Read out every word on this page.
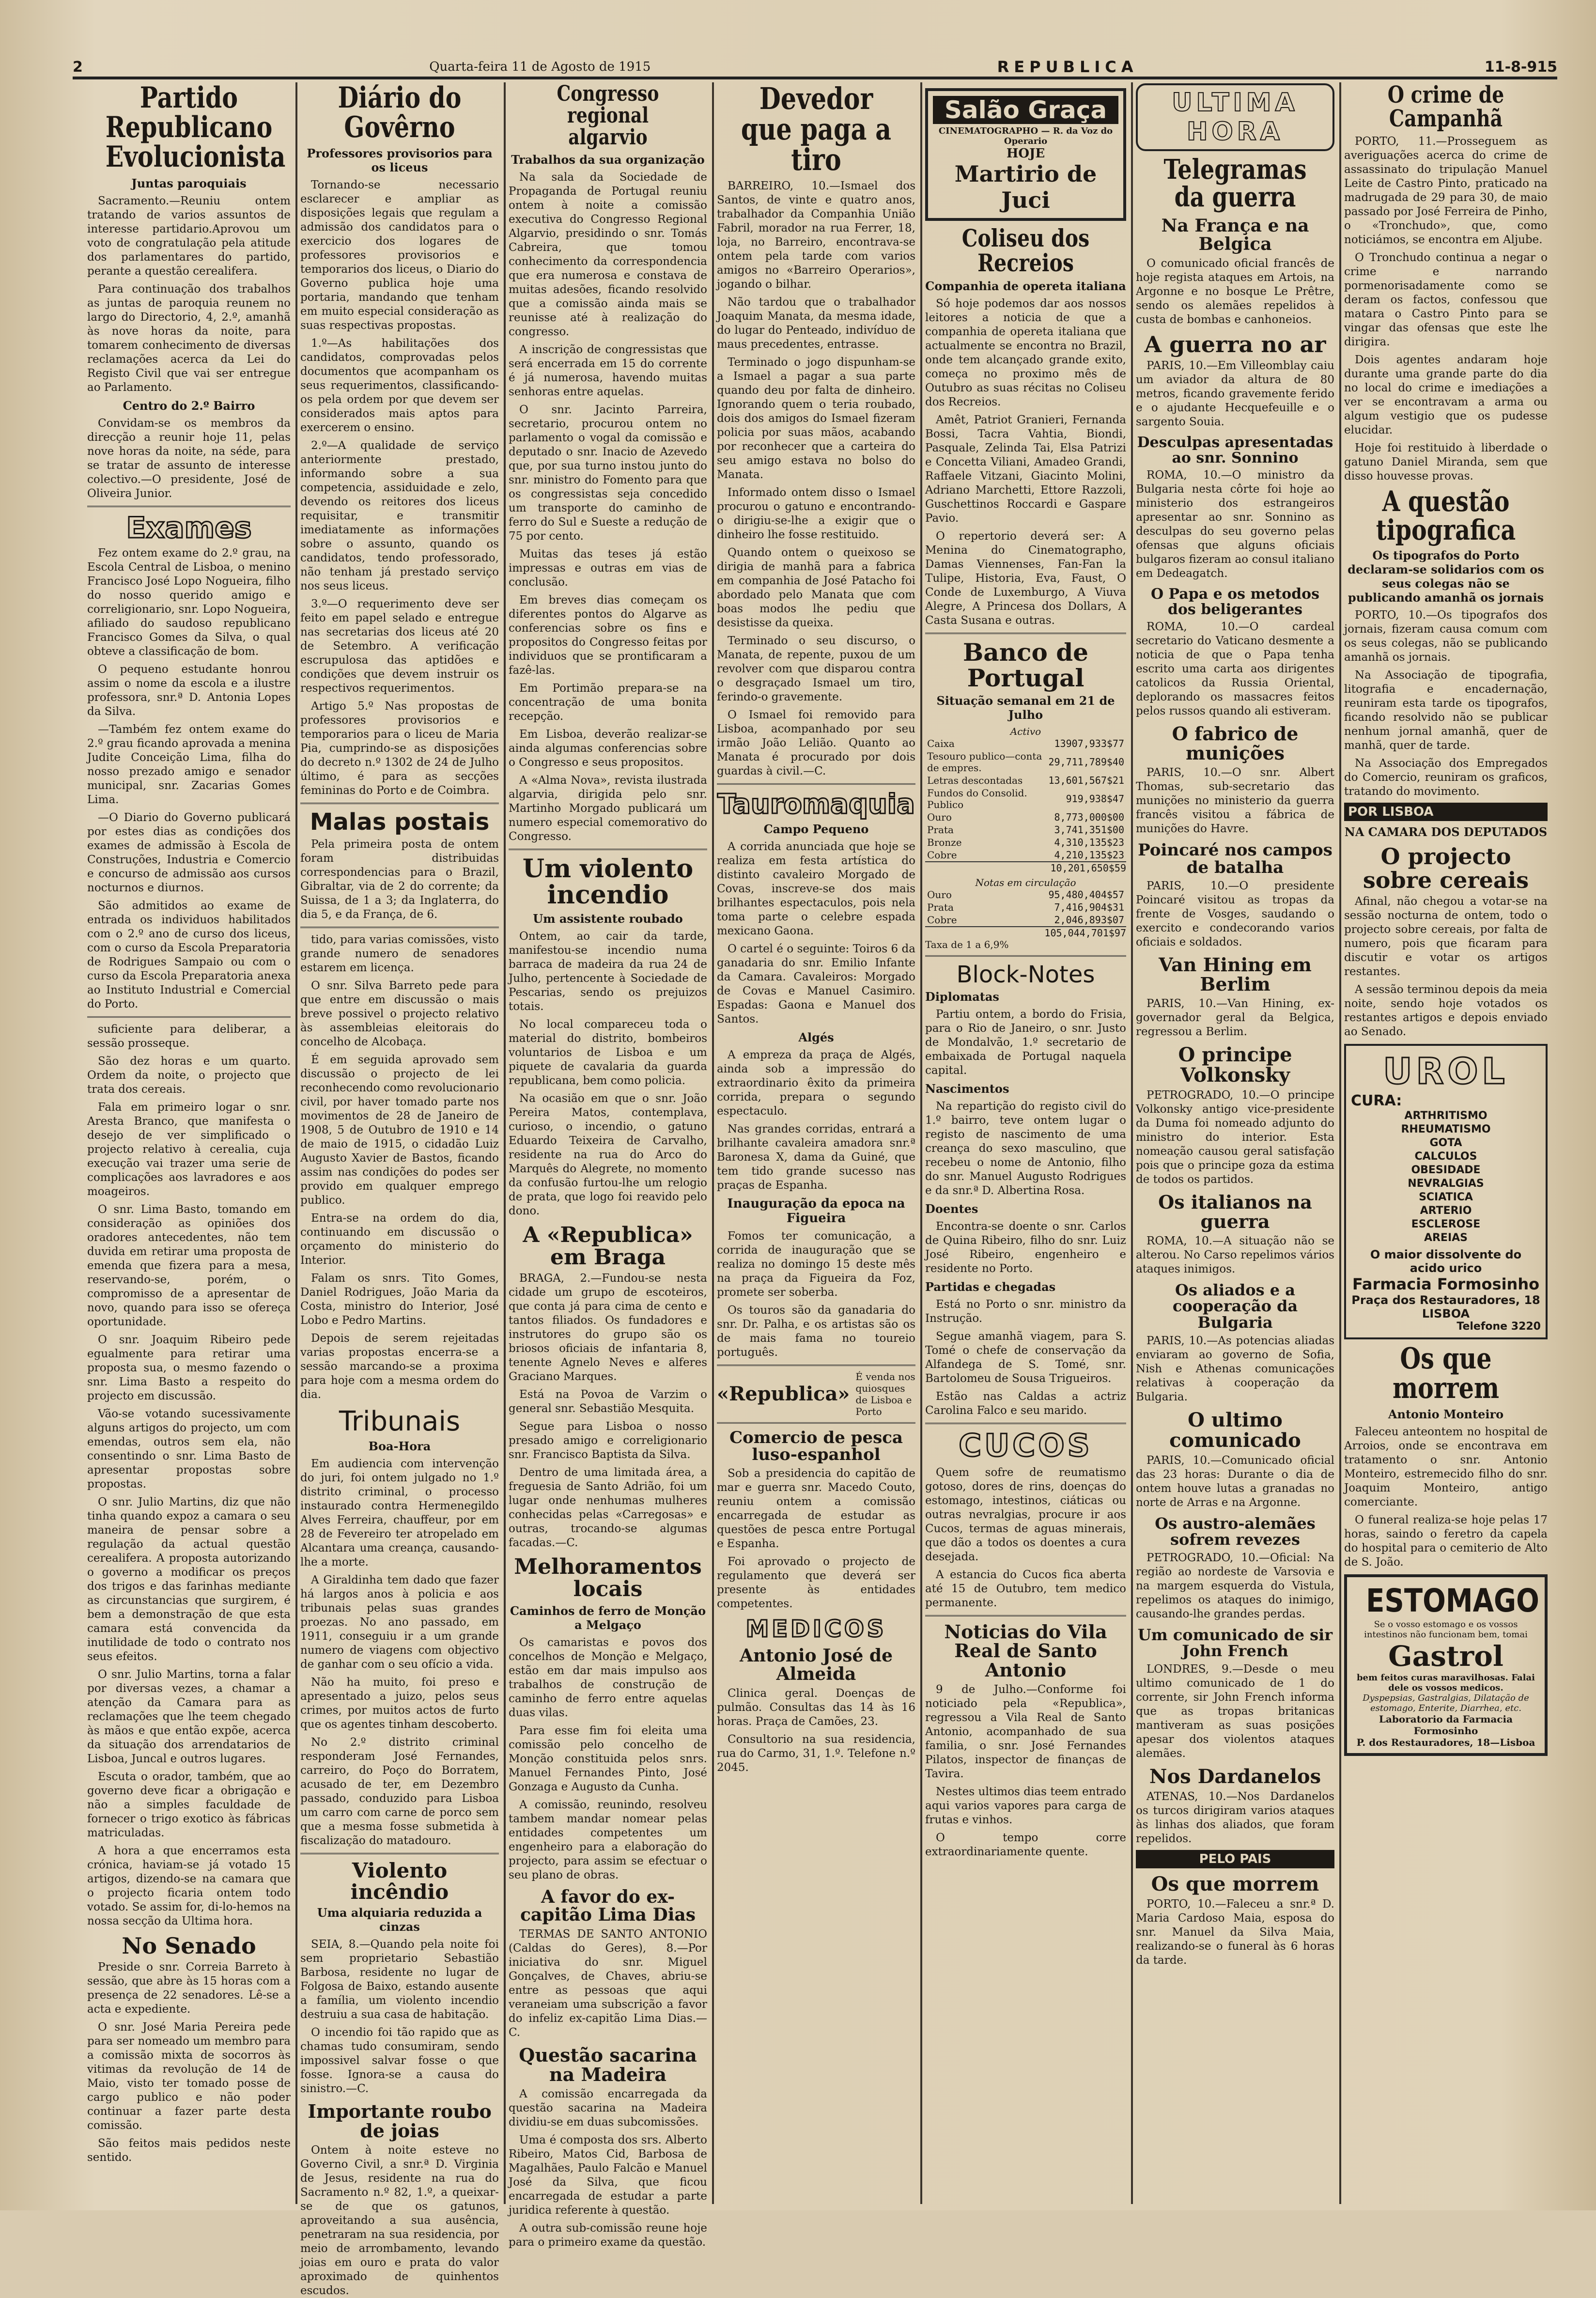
2	Quarta-feira 11 de Agosto de 1915	REPUBLICA	11-8-915
Partido Republicano Evolucionista
Juntas paroquiais

Sacramento.—Reuniu ontem tratando de varios assuntos de interesse partidario.Aprovou um voto de congratulação pela atitude dos parlamentares do partido, perante a questão cerealifera.

Para continuação dos trabalhos as juntas de paroquia reunem no largo do Directorio, 4, 2.º, amanhã às nove horas da noite, para tomarem conhecimento de diversas reclamações acerca da Lei do Registo Civil que vai ser entregue ao Parlamento.

Centro do 2.º Bairro

Convidam-se os membros da direcção a reunir hoje 11, pelas nove horas da noite, na séde, para se tratar de assunto de interesse colectivo.—O presidente, José de Oliveira Junior.

Exames

Fez ontem exame do 2.º grau, na Escola Central de Lisboa, o menino Francisco José Lopo Nogueira, filho do nosso querido amigo e correligionario, snr. Lopo Nogueira, afiliado do saudoso republicano Francisco Gomes da Silva, o qual obteve a classificação de bom.

O pequeno estudante honrou assim o nome da escola e a ilustre professora, snr.ª D. Antonia Lopes da Silva.

—Também fez ontem exame do 2.º grau ficando aprovada a menina Judite Conceição Lima, filha do nosso prezado amigo e senador municipal, snr. Zacarias Gomes Lima.

—O Diario do Governo publicará por estes dias as condições dos exames de admissão à Escola de Construções, Industria e Comercio e concurso de admissão aos cursos nocturnos e diurnos.

São admitidos ao exame de entrada os individuos habilitados com o 2.º ano de curso dos liceus, com o curso da Escola Preparatoria de Rodrigues Sampaio ou com o curso da Escola Preparatoria anexa ao Instituto Industrial e Comercial do Porto.

suficiente para deliberar, a sessão prosseque.

São dez horas e um quarto. Ordem da noite, o projecto que trata dos cereais.

Fala em primeiro logar o snr. Aresta Branco, que manifesta o desejo de ver simplificado o projecto relativo à cerealia, cuja execução vai trazer uma serie de complicações aos lavradores e aos moageiros.

O snr. Lima Basto, tomando em consideração as opiniões dos oradores antecedentes, não tem duvida em retirar uma proposta de emenda que fizera para a mesa, reservando-se, porém, o compromisso de a apresentar de novo, quando para isso se ofereça oportunidade.

O snr. Joaquim Ribeiro pede egualmente para retirar uma proposta sua, o mesmo fazendo o snr. Lima Basto a respeito do projecto em discussão.

Vão-se votando sucessivamente alguns artigos do projecto, um com emendas, outros sem ela, não consentindo o snr. Lima Basto de apresentar propostas sobre propostas.

O snr. Julio Martins, diz que não tinha quando expoz a camara o seu maneira de pensar sobre a regulação da actual questão cerealifera. A proposta autorizando o governo a modificar os preços dos trigos e das farinhas mediante as circunstancias que surgirem, é bem a demonstração de que esta camara está convencida da inutilidade de todo o contrato nos seus efeitos.

O snr. Julio Martins, torna a falar por diversas vezes, a chamar a atenção da Camara para as reclamações que lhe teem chegado às mãos e que então expõe, acerca da situação dos arrendatarios de Lisboa, Juncal e outros lugares.

Escuta o orador, também, que ao governo deve ficar a obrigação e não a simples faculdade de fornecer o trigo exotico às fábricas matriculadas.

A hora a que encerramos esta crónica, haviam-se já votado 15 artigos, dizendo-se na camara que o projecto ficaria ontem todo votado. Se assim for, di-lo-hemos na nossa secção da Ultima hora.

No Senado

Preside o snr. Correia Barreto à sessão, que abre às 15 horas com a presença de 22 senadores. Lê-se a acta e expediente.

O snr. José Maria Pereira pede para ser nomeado um membro para a comissão mixta de socorros às vitimas da revolução de 14 de Maio, visto ter tomado posse de cargo publico e não poder continuar a fazer parte desta comissão.

São feitos mais pedidos neste sentido.

Diário do Govêrno
Professores provisorios para os liceus

Tornando-se necessario esclarecer e ampliar as disposições legais que regulam a admissão dos candidatos para o exercicio dos logares de professores provisorios e temporarios dos liceus, o Diario do Governo publica hoje uma portaria, mandando que tenham em muito especial consideração as suas respectivas propostas.

1.º—As habilitações dos candidatos, comprovadas pelos documentos que acompanham os seus requerimentos, classificando-os pela ordem por que devem ser considerados mais aptos para exercerem o ensino.

2.º—A qualidade de serviço anteriormente prestado, informando sobre a sua competencia, assiduidade e zelo, devendo os reitores dos liceus requisitar, e transmitir imediatamente as informações sobre o assunto, quando os candidatos, tendo professorado, não tenham já prestado serviço nos seus liceus.

3.º—O requerimento deve ser feito em papel selado e entregue nas secretarias dos liceus até 20 de Setembro. A verificação escrupulosa das aptidões e condições que devem instruir os respectivos requerimentos.

Artigo 5.º Nas propostas de professores provisorios e temporarios para o liceu de Maria Pia, cumprindo-se as disposições do decreto n.º 1302 de 24 de Julho último, é para as secções femininas do Porto e de Coimbra.

Malas postais

Pela primeira posta de ontem foram distribuidas correspondencias para o Brazil, Gibraltar, via de 2 do corrente; da Suissa, de 1 a 3; da Inglaterra, do dia 5, e da França, de 6.

tido, para varias comissões, visto grande numero de senadores estarem em licença.

O snr. Silva Barreto pede para que entre em discussão o mais breve possivel o projecto relativo às assembleias eleitorais do concelho de Alcobaça.

É em seguida aprovado sem discussão o projecto de lei reconhecendo como revolucionario civil, por haver tomado parte nos movimentos de 28 de Janeiro de 1908, 5 de Outubro de 1910 e 14 de maio de 1915, o cidadão Luiz Augusto Xavier de Bastos, ficando assim nas condições do podes ser provido em qualquer emprego publico.

Entra-se na ordem do dia, continuando em discussão o orçamento do ministerio do Interior.

Falam os snrs. Tito Gomes, Daniel Rodrigues, João Maria da Costa, ministro do Interior, José Lobo e Pedro Martins.

Depois de serem rejeitadas varias propostas encerra-se a sessão marcando-se a proxima para hoje com a mesma ordem do dia.

Tribunais
Boa-Hora

Em audiencia com intervenção do juri, foi ontem julgado no 1.º distrito criminal, o processo instaurado contra Hermenegildo Alves Ferreira, chauffeur, por em 28 de Fevereiro ter atropelado em Alcantara uma creança, causando-lhe a morte.

A Giraldinha tem dado que fazer há largos anos à policia e aos tribunais pelas suas grandes proezas. No ano passado, em 1911, conseguiu ir a um grande numero de viagens com objectivo de ganhar com o seu ofício a vida.

Não ha muito, foi preso e apresentado a juizo, pelos seus crimes, por muitos actos de furto que os agentes tinham descoberto.

No 2.º distrito criminal responderam José Fernandes, carreiro, do Poço do Borratem, acusado de ter, em Dezembro passado, conduzido para Lisboa um carro com carne de porco sem que a mesma fosse submetida à fiscalização do matadouro.

Violento incêndio
Uma alquiaria reduzida a cinzas

SEIA, 8.—Quando pela noite foi sem proprietario Sebastião Barbosa, residente no lugar de Folgosa de Baixo, estando ausente a família, um violento incendio destruiu a sua casa de habitação.

O incendio foi tão rapido que as chamas tudo consumiram, sendo impossivel salvar fosse o que fosse. Ignora-se a causa do sinistro.—C.

Importante roubo de joias

Ontem à noite esteve no Governo Civil, a snr.ª D. Virginia de Jesus, residente na rua do Sacramento n.º 82, 1.º, a queixar-se de que os gatunos, aproveitando a sua ausência, penetraram na sua residencia, por meio de arrombamento, levando joias em ouro e prata do valor aproximado de quinhentos escudos.

Congresso regional algarvio
Trabalhos da sua organização

Na sala da Sociedade de Propaganda de Portugal reuniu ontem à noite a comissão executiva do Congresso Regional Algarvio, presidindo o snr. Tomás Cabreira, que tomou conhecimento da correspondencia que era numerosa e constava de muitas adesões, ficando resolvido que a comissão ainda mais se reunisse até à realização do congresso.

A inscrição de congressistas que será encerrada em 15 do corrente é já numerosa, havendo muitas senhoras entre aquelas.

O snr. Jacinto Parreira, secretario, procurou ontem no parlamento o vogal da comissão e deputado o snr. Inacio de Azevedo que, por sua turno instou junto do snr. ministro do Fomento para que os congressistas seja concedido um transporte do caminho de ferro do Sul e Sueste a redução de 75 por cento.

Muitas das teses já estão impressas e outras em vias de conclusão.

Em breves dias começam os diferentes pontos do Algarve as conferencias sobre os fins e propositos do Congresso feitas por individuos que se prontificaram a fazê-las.

Em Portimão prepara-se na concentração de uma bonita recepção.

Em Lisboa, deverão realizar-se ainda algumas conferencias sobre o Congresso e seus propositos.

A «Alma Nova», revista ilustrada algarvia, dirigida pelo snr. Martinho Morgado publicará um numero especial comemorativo do Congresso.

Um violento incendio
Um assistente roubado

Ontem, ao cair da tarde, manifestou-se incendio numa barraca de madeira da rua 24 de Julho, pertencente à Sociedade de Pescarias, sendo os prejuizos totais.

No local compareceu toda o material do distrito, bombeiros voluntarios de Lisboa e um piquete de cavalaria da guarda republicana, bem como policia.

Na ocasião em que o snr. João Pereira Matos, contemplava, curioso, o incendio, o gatuno Eduardo Teixeira de Carvalho, residente na rua do Arco do Marquês do Alegrete, no momento da confusão furtou-lhe um relogio de prata, que logo foi reavido pelo dono.

A «Republica» em Braga

BRAGA, 2.—Fundou-se nesta cidade um grupo de escoteiros, que conta já para cima de cento e tantos filiados. Os fundadores e instrutores do grupo são os briosos oficiais de infantaria 8, tenente Agnelo Neves e alferes Graciano Marques.

Está na Povoa de Varzim o general snr. Sebastião Mesquita.

Segue para Lisboa o nosso presado amigo e correligionario snr. Francisco Baptista da Silva.

Dentro de uma limitada área, a freguesia de Santo Adrião, foi um lugar onde nenhumas mulheres conhecidas pelas «Carregosas» e outras, trocando-se algumas facadas.—C.

Melhoramentos locais
Caminhos de ferro de Monção a Melgaço

Os camaristas e povos dos concelhos de Monção e Melgaço, estão em dar mais impulso aos trabalhos de construção de caminho de ferro entre aquelas duas vilas.

Para esse fim foi eleita uma comissão pelo concelho de Monção constituida pelos snrs. Manuel Fernandes Pinto, José Gonzaga e Augusto da Cunha.

A comissão, reunindo, resolveu tambem mandar nomear pelas entidades competentes um engenheiro para a elaboração do projecto, para assim se efectuar o seu plano de obras.

A favor do ex-capitão Lima Dias

TERMAS DE SANTO ANTONIO (Caldas do Geres), 8.—Por iniciativa do snr. Miguel Gonçalves, de Chaves, abriu-se entre as pessoas que aqui veraneiam uma subscrição a favor do infeliz ex-capitão Lima Dias.—C.

Questão sacarina na Madeira

A comissão encarregada da questão sacarina na Madeira dividiu-se em duas subcomissões.

Uma é composta dos srs. Alberto Ribeiro, Matos Cid, Barbosa de Magalhães, Paulo Falcão e Manuel José da Silva, que ficou encarregada de estudar a parte juridica referente à questão.

A outra sub-comissão reune hoje para o primeiro exame da questão.

Devedor que paga a tiro

BARREIRO, 10.—Ismael dos Santos, de vinte e quatro anos, trabalhador da Companhia União Fabril, morador na rua Ferrer, 18, loja, no Barreiro, encontrava-se ontem pela tarde com varios amigos no «Barreiro Operarios», jogando o bilhar.

Não tardou que o trabalhador Joaquim Manata, da mesma idade, do lugar do Penteado, indivíduo de maus precedentes, entrasse.

Terminado o jogo dispunham-se a Ismael a pagar a sua parte quando deu por falta de dinheiro. Ignorando quem o teria roubado, dois dos amigos do Ismael fizeram policia por suas mãos, acabando por reconhecer que a carteira do seu amigo estava no bolso do Manata.

Informado ontem disso o Ismael procurou o gatuno e encontrando-o dirigiu-se-lhe a exigir que o dinheiro lhe fosse restituido.

Quando ontem o queixoso se dirigia de manhã para a fabrica em companhia de José Patacho foi abordado pelo Manata que com boas modos lhe pediu que desistisse da queixa.

Terminado o seu discurso, o Manata, de repente, puxou de um revolver com que disparou contra o desgraçado Ismael um tiro, ferindo-o gravemente.

O Ismael foi removido para Lisboa, acompanhado por seu irmão João Lelião. Quanto ao Manata é procurado por dois guardas à civil.—C.

Tauromaquia
Campo Pequeno

A corrida anunciada que hoje se realiza em festa artística do distinto cavaleiro Morgado de Covas, inscreve-se dos mais brilhantes espectaculos, pois nela toma parte o celebre espada mexicano Gaona.

O cartel é o seguinte: Toiros 6 da ganadaria do snr. Emilio Infante da Camara. Cavaleiros: Morgado de Covas e Manuel Casimiro. Espadas: Gaona e Manuel dos Santos.

Algés

A empreza da praça de Algés, ainda sob a impressão do extraordinario êxito da primeira corrida, prepara o segundo espectaculo.

Nas grandes corridas, entrará a brilhante cavaleira amadora snr.ª Baronesa X, dama da Guiné, que tem tido grande sucesso nas praças de Espanha.

Inauguração da epoca na Figueira

Fomos ter comunicação, a corrida de inauguração que se realiza no domingo 15 deste mês na praça da Figueira da Foz, promete ser soberba.

Os touros são da ganadaria do snr. Dr. Palha, e os artistas são os de mais fama no toureio português.

«Republica»
É venda nos quiosques de Lisboa e Porto
Comercio de pesca luso-espanhol

Sob a presidencia do capitão de mar e guerra snr. Macedo Couto, reuniu ontem a comissão encarregada de estudar as questões de pesca entre Portugal e Espanha.

Foi aprovado o projecto de regulamento que deverá ser presente às entidades competentes.

MEDICOS
Antonio José de Almeida

Clinica geral. Doenças de pulmão. Consultas das 14 às 16 horas. Praça de Camões, 23.

Consultorio na sua residencia, rua do Carmo, 31, 1.º. Telefone n.º 2045.

Salão Graça
CINEMATOGRAPHO — R. da Voz do Operario
HOJE
Martirio de Juci
Coliseu dos Recreios
Companhia de opereta italiana

Só hoje podemos dar aos nossos leitores a noticia de que a companhia de opereta italiana que actualmente se encontra no Brazil, onde tem alcançado grande exito, começa no proximo mês de Outubro as suas récitas no Coliseu dos Recreios.

Amêt, Patriot Granieri, Fernanda Bossi, Tacra Vahtia, Biondi, Pasquale, Zelinda Tai, Elsa Patrizi e Concetta Viliani, Amadeo Grandi, Raffaele Vitzani, Giacinto Molini, Adriano Marchetti, Ettore Razzoli, Guschettinos Roccardi e Gaspare Pavio.

O repertorio deverá ser: A Menina do Cinematographo, Damas Viennenses, Fan-Fan la Tulipe, Historia, Eva, Faust, O Conde de Luxemburgo, A Viuva Alegre, A Princesa dos Dollars, A Casta Susana e outras.

Banco de Portugal
Situação semanal em 21 de Julho
Activo
Caixa	13907,933$77
Tesouro publico—conta de empres.	29,711,789$40
Letras descontadas	13,601,567$21
Fundos do Consolid. Publico	919,938$47
Ouro	8,773,000$00
Prata	3,741,351$00
Bronze	4,310,135$23
Cobre	4,210,135$23
10,201,650$59
Notas em circulação
Ouro	95,480,404$57
Prata	7,416,904$31
Cobre	2,046,893$07
105,044,701$97
Taxa de 1 a 6,9%
Block-Notes
Diplomatas

Partiu ontem, a bordo do Frisia, para o Rio de Janeiro, o snr. Justo de Mondalvão, 1.º secretario de embaixada de Portugal naquela capital.

Nascimentos

Na repartição do registo civil do 1.º bairro, teve ontem lugar o registo de nascimento de uma creança do sexo masculino, que recebeu o nome de Antonio, filho do snr. Manuel Augusto Rodrigues e da snr.ª D. Albertina Rosa.

Doentes

Encontra-se doente o snr. Carlos de Quina Ribeiro, filho do snr. Luiz José Ribeiro, engenheiro e residente no Porto.

Partidas e chegadas

Está no Porto o snr. ministro da Instrução.

Segue amanhã viagem, para S. Tomé o chefe de conservação da Alfandega de S. Tomé, snr. Bartolomeu de Sousa Trigueiros.

Estão nas Caldas a actriz Carolina Falco e seu marido.

CUCOS

Quem sofre de reumatismo gotoso, dores de rins, doenças do estomago, intestinos, ciáticas ou outras nevralgias, procure ir aos Cucos, termas de aguas minerais, que dão a todos os doentes a cura desejada.

A estancia do Cucos fica aberta até 15 de Outubro, tem medico permanente.

Noticias do Vila Real de Santo Antonio

9 de Julho.—Conforme foi noticiado pela «Republica», regressou a Vila Real de Santo Antonio, acompanhado de sua familia, o snr. José Fernandes Pilatos, inspector de finanças de Tavira.

Nestes ultimos dias teem entrado aqui varios vapores para carga de frutas e vinhos.

O tempo corre extraordinariamente quente.

ULTIMA HORA
Telegramas da guerra
Na França e na Belgica

O comunicado oficial francês de hoje regista ataques em Artois, na Argonne e no bosque Le Prêtre, sendo os alemães repelidos à custa de bombas e canhoneios.

A guerra no ar

PARIS, 10.—Em Villeomblay caiu um aviador da altura de 80 metros, ficando gravemente ferido e o ajudante Hecquefeuille e o sargento Souia.

Desculpas apresentadas ao snr. Sonnino

ROMA, 10.—O ministro da Bulgaria nesta côrte foi hoje ao ministerio dos estrangeiros apresentar ao snr. Sonnino as desculpas do seu governo pelas ofensas que alguns oficiais bulgaros fizeram ao consul italiano em Dedeagatch.

O Papa e os metodos dos beligerantes

ROMA, 10.—O cardeal secretario do Vaticano desmente a noticia de que o Papa tenha escrito uma carta aos dirigentes catolicos da Russia Oriental, deplorando os massacres feitos pelos russos quando ali estiveram.

O fabrico de munições

PARIS, 10.—O snr. Albert Thomas, sub-secretario das munições no ministerio da guerra francês visitou a fábrica de munições do Havre.

Poincaré nos campos de batalha

PARIS, 10.—O presidente Poincaré visitou as tropas da frente de Vosges, saudando o exercito e condecorando varios oficiais e soldados.

Van Hining em Berlim

PARIS, 10.—Van Hining, ex-governador geral da Belgica, regressou a Berlim.

O principe Volkonsky

PETROGRADO, 10.—O principe Volkonsky antigo vice-presidente da Duma foi nomeado adjunto do ministro do interior. Esta nomeação causou geral satisfação pois que o principe goza da estima de todos os partidos.

Os italianos na guerra

ROMA, 10.—A situação não se alterou. No Carso repelimos vários ataques inimigos.

Os aliados e a cooperação da Bulgaria

PARIS, 10.—As potencias aliadas enviaram ao governo de Sofia, Nish e Athenas comunicações relativas à cooperação da Bulgaria.

O ultimo comunicado

PARIS, 10.—Comunicado oficial das 23 horas: Durante o dia de ontem houve lutas a granadas no norte de Arras e na Argonne.

Os austro-alemães sofrem revezes

PETROGRADO, 10.—Oficial: Na região ao nordeste de Varsovia e na margem esquerda do Vistula, repelimos os ataques do inimigo, causando-lhe grandes perdas.

Um comunicado de sir John French

LONDRES, 9.—Desde o meu ultimo comunicado de 1 do corrente, sir John French informa que as tropas britanicas mantiveram as suas posições apesar dos violentos ataques alemães.

Nos Dardanelos

ATENAS, 10.—Nos Dardanelos os turcos dirigiram varios ataques às linhas dos aliados, que foram repelidos.

PELO PAIS
Os que morrem

PORTO, 10.—Faleceu a snr.ª D. Maria Cardoso Maia, esposa do snr. Manuel da Silva Maia, realizando-se o funeral às 6 horas da tarde.

O crime de Campanhã

PORTO, 11.—Prosseguem as averiguações acerca do crime de assassinato do tripulação Manuel Leite de Castro Pinto, praticado na madrugada de 29 para 30, de maio passado por José Ferreira de Pinho, o «Tronchudo», que, como noticiámos, se encontra em Aljube.

O Tronchudo continua a negar o crime e narrando pormenorisadamente como se deram os factos, confessou que matara o Castro Pinto para se vingar das ofensas que este lhe dirigira.

Dois agentes andaram hoje durante uma grande parte do dia no local do crime e imediações a ver se encontravam a arma ou algum vestigio que os pudesse elucidar.

Hoje foi restituido à liberdade o gatuno Daniel Miranda, sem que disso houvesse provas.

A questão tipografica
Os tipografos do Porto declaram-se solidarios com os seus colegas não se publicando amanhã os jornais

PORTO, 10.—Os tipografos dos jornais, fizeram causa comum com os seus colegas, não se publicando amanhã os jornais.

Na Associação de tipografia, litografia e encadernação, reuniram esta tarde os tipografos, ficando resolvido não se publicar nenhum jornal amanhã, quer de manhã, quer de tarde.

Na Associação dos Empregados do Comercio, reuniram os graficos, tratando do movimento.

POR LISBOA
NA CAMARA DOS DEPUTADOS
O projecto sobre cereais

Afinal, não chegou a votar-se na sessão nocturna de ontem, todo o projecto sobre cereais, por falta de numero, pois que ficaram para discutir e votar os artigos restantes.

A sessão terminou depois da meia noite, sendo hoje votados os restantes artigos e depois enviado ao Senado.

UROL
CURA:
ARTHRITISMO
RHEUMATISMO
GOTA
CALCULOS
OBESIDADE
NEVRALGIAS
SCIATICA
ARTERIO
ESCLEROSE
AREIAS
O maior dissolvente do acido urico
Farmacia Formosinho
Praça dos Restauradores, 18
LISBOA
Telefone 3220
Os que morrem
Antonio Monteiro

Faleceu anteontem no hospital de Arroios, onde se encontrava em tratamento o snr. Antonio Monteiro, estremecido filho do snr. Joaquim Monteiro, antigo comerciante.

O funeral realiza-se hoje pelas 17 horas, saindo o feretro da capela do hospital para o cemiterio de Alto de S. João.

ESTOMAGO
Se o vosso estomago e os vossos intestinos não funcionam bem, tomai
Gastrol
bem feitos curas maravilhosas. Falai dele os vossos medicos.
Dyspepsias, Gastralgias, Dilatação de estomago, Enterite, Diarrhea, etc.
Laboratorio da Farmacia Formosinho
P. dos Restauradores, 18—Lisboa
